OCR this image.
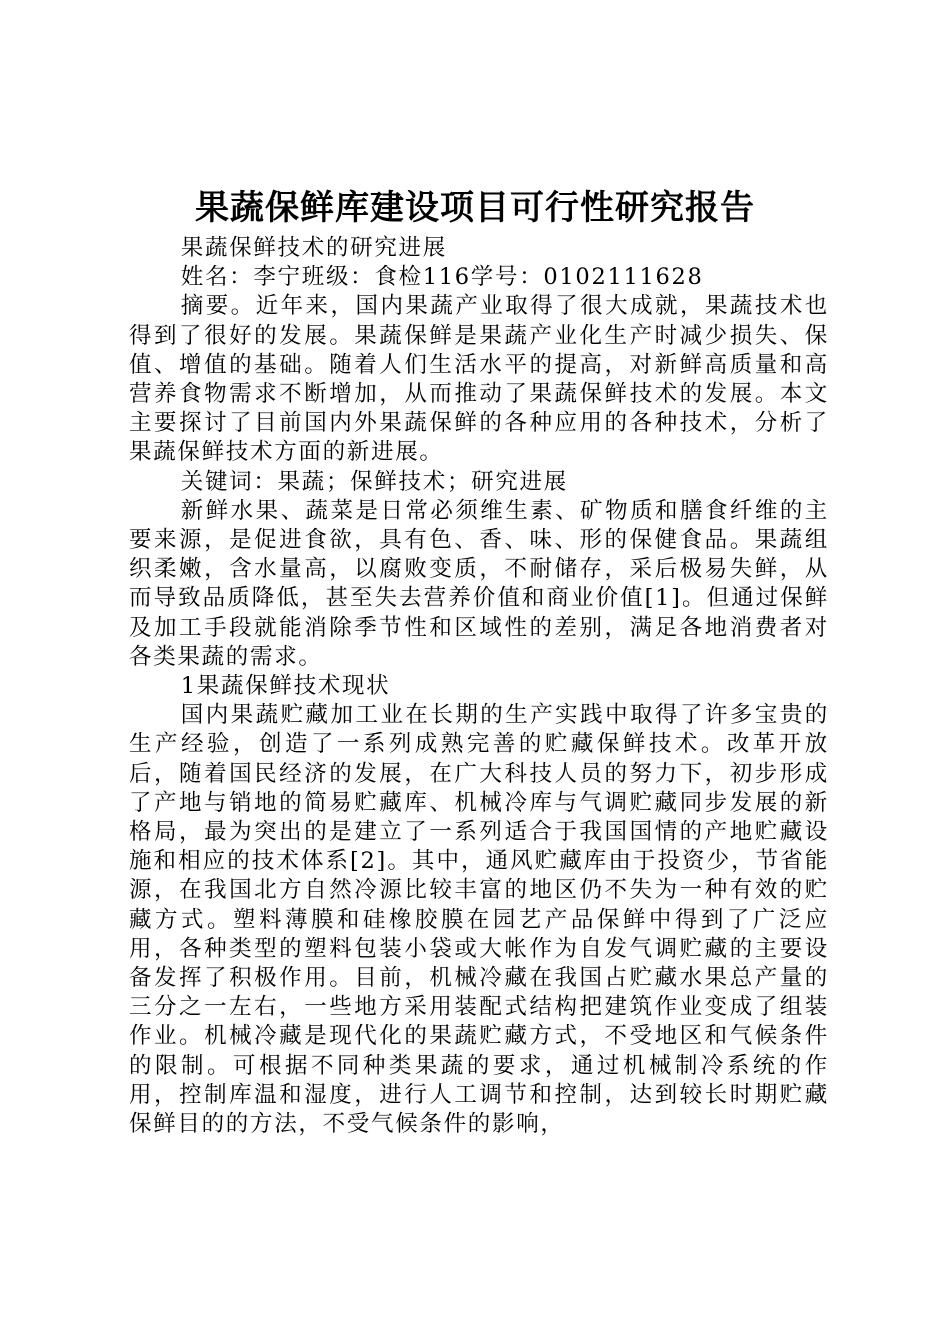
果蔬保鲜库建设项目可行性研究报告

果蔬保鲜技术的研究进展

姓名：李宁班级：食检116学号：0102111628

摘要。近年来，国内果蔬产业取得了很大成就，果蔬技术也得到了很好的发展。果蔬保鲜是果蔬产业化生产时减少损失、保值、增值的基础。随着人们生活水平的提高，对新鲜高质量和高营养食物需求不断增加，从而推动了果蔬保鲜技术的发展。本文主要探讨了目前国内外果蔬保鲜的各种应用的各种技术，分析了果蔬保鲜技术方面的新进展。

关键词：果蔬；保鲜技术；研究进展

新鲜水果、蔬菜是日常必须维生素、矿物质和膳食纤维的主要来源，是促进食欲，具有色、香、味、形的保健食品。果蔬组织柔嫩，含水量高，以腐败变质，不耐储存，采后极易失鲜，从而导致品质降低，甚至失去营养价值和商业价值[1]。但通过保鲜及加工手段就能消除季节性和区域性的差别，满足各地消费者对各类果蔬的需求。

1果蔬保鲜技术现状

国内果蔬贮藏加工业在长期的生产实践中取得了许多宝贵的生产经验，创造了一系列成熟完善的贮藏保鲜技术。改革开放后，随着国民经济的发展，在广大科技人员的努力下，初步形成了产地与销地的简易贮藏库、机械冷库与气调贮藏同步发展的新格局，最为突出的是建立了一系列适合于我国国情的产地贮藏设施和相应的技术体系[2]。其中，通风贮藏库由于投资少，节省能源，在我国北方自然冷源比较丰富的地区仍不失为一种有效的贮藏方式。塑料薄膜和硅橡胶膜在园艺产品保鲜中得到了广泛应用，各种类型的塑料包装小袋或大帐作为自发气调贮藏的主要设备发挥了积极作用。目前，机械冷藏在我国占贮藏水果总产量的三分之一左右，一些地方采用装配式结构把建筑作业变成了组装作业。机械冷藏是现代化的果蔬贮藏方式，不受地区和气候条件的限制。可根据不同种类果蔬的要求，通过机械制冷系统的作用，控制库温和湿度，进行人工调节和控制，达到较长时期贮藏保鲜目的的方法，不受气候条件的影响，
